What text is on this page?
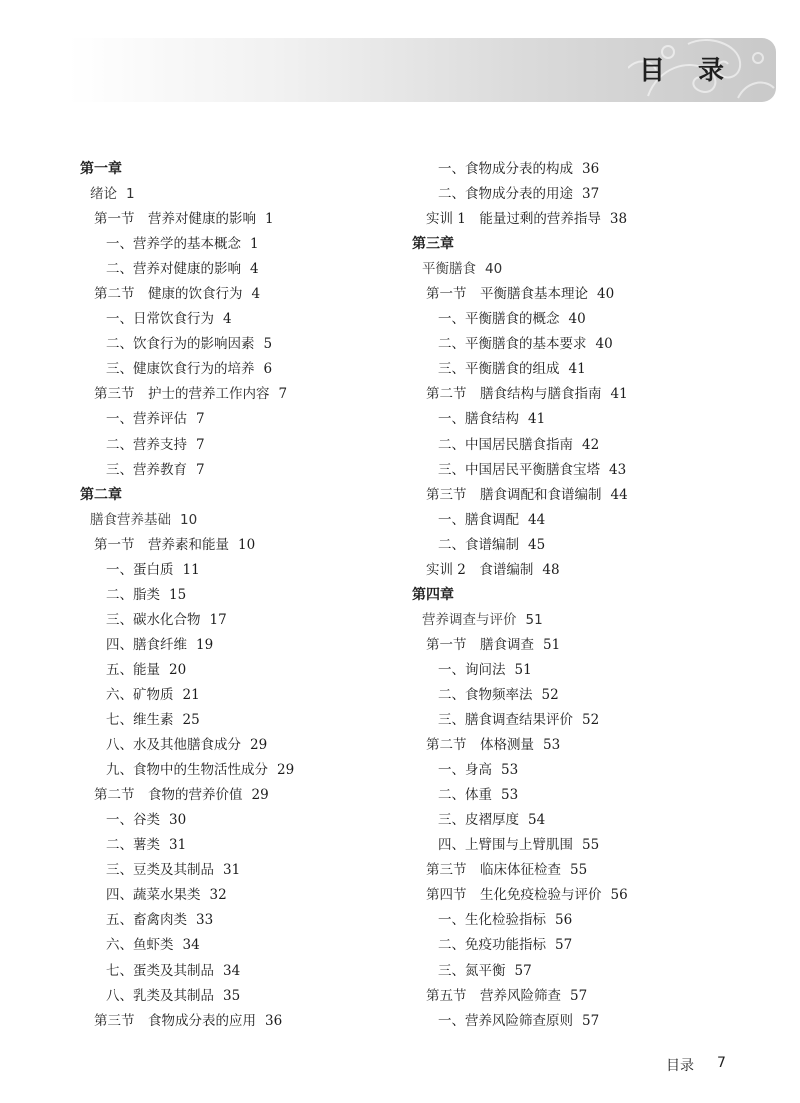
目 录
第一章
绪论 1
第一节　营养对健康的影响 1
一、营养学的基本概念 1
二、营养对健康的影响 4
第二节　健康的饮食行为 4
一、日常饮食行为 4
二、饮食行为的影响因素 5
三、健康饮食行为的培养 6
第三节　护士的营养工作内容 7
一、营养评估 7
二、营养支持 7
三、营养教育 7
第二章
膳食营养基础 10
第一节　营养素和能量 10
一、蛋白质 11
二、脂类 15
三、碳水化合物 17
四、膳食纤维 19
五、能量 20
六、矿物质 21
七、维生素 25
八、水及其他膳食成分 29
九、食物中的生物活性成分 29
第二节　食物的营养价值 29
一、谷类 30
二、薯类 31
三、豆类及其制品 31
四、蔬菜水果类 32
五、畜禽肉类 33
六、鱼虾类 34
七、蛋类及其制品 34
八、乳类及其制品 35
第三节　食物成分表的应用 36
一、食物成分表的构成 36
二、食物成分表的用途 37
实训 1　能量过剩的营养指导 38
第三章
平衡膳食 40
第一节　平衡膳食基本理论 40
一、平衡膳食的概念 40
二、平衡膳食的基本要求 40
三、平衡膳食的组成 41
第二节　膳食结构与膳食指南 41
一、膳食结构 41
二、中国居民膳食指南 42
三、中国居民平衡膳食宝塔 43
第三节　膳食调配和食谱编制 44
一、膳食调配 44
二、食谱编制 45
实训 2　食谱编制 48
第四章
营养调查与评价 51
第一节　膳食调查 51
一、询问法 51
二、食物频率法 52
三、膳食调查结果评价 52
第二节　体格测量 53
一、身高 53
二、体重 53
三、皮褶厚度 54
四、上臂围与上臂肌围 55
第三节　临床体征检查 55
第四节　生化免疫检验与评价 56
一、生化检验指标 56
二、免疫功能指标 57
三、氮平衡 57
第五节　营养风险筛查 57
一、营养风险筛查原则 57
目录 7
